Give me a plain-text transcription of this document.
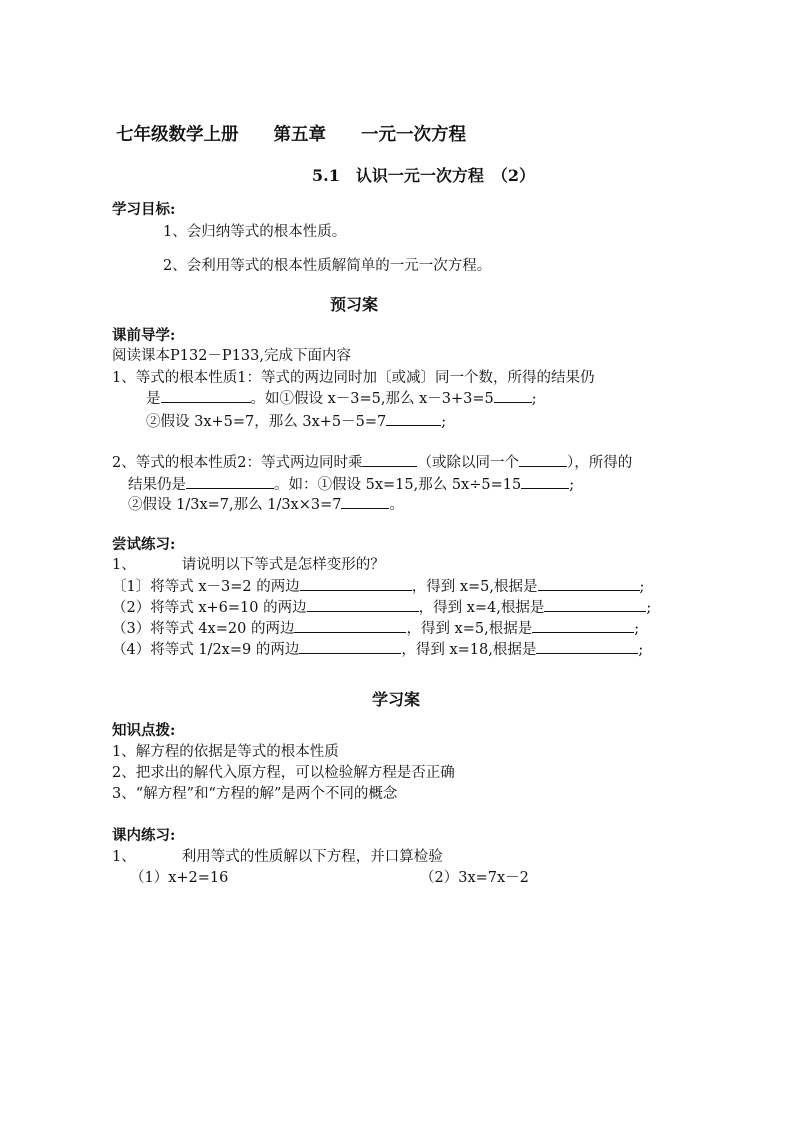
七年级数学上册　　第五章　　一元一次方程
5.1　认识一元一次方程　（2）
学习目标:
1、会归纳等式的根本性质。
2、会利用等式的根本性质解简单的一元一次方程。
预习案
课前导学:
阅读课本P132－P133,完成下面内容
1、等式的根本性质1：等式的两边同时加〔或减〕同一个数，所得的结果仍
是	。如①假设 x－3=5,那么 x－3+3=5	;
②假设 3x+5=7，那么 3x+5－5=7	;
2、等式的根本性质2：等式两边同时乘	（或除以同一个	），所得的
结果仍是	。如：①假设 5x=15,那么 5x÷5=15	;
②假设 1/3x=7,那么 1/3x×3=7	。
尝试练习:
1、	请说明以下等式是怎样变形的？
〔1〕将等式 x－3=2 的两边	，得到 x=5,根据是	;
（2）将等式 x+6=10 的两边	，得到 x=4,根据是	;
（3）将等式 4x=20 的两边	，得到 x=5,根据是	;
（4）将等式 1/2x=9 的两边	，得到 x=18,根据是	;
学习案
知识点拨:
1、解方程的依据是等式的根本性质
2、把求出的解代入原方程，可以检验解方程是否正确
3、“解方程”和“方程的解”是两个不同的概念
课内练习:
1、	利用等式的性质解以下方程，并口算检验
（1）x+2=16	（2）3x=7x－2
